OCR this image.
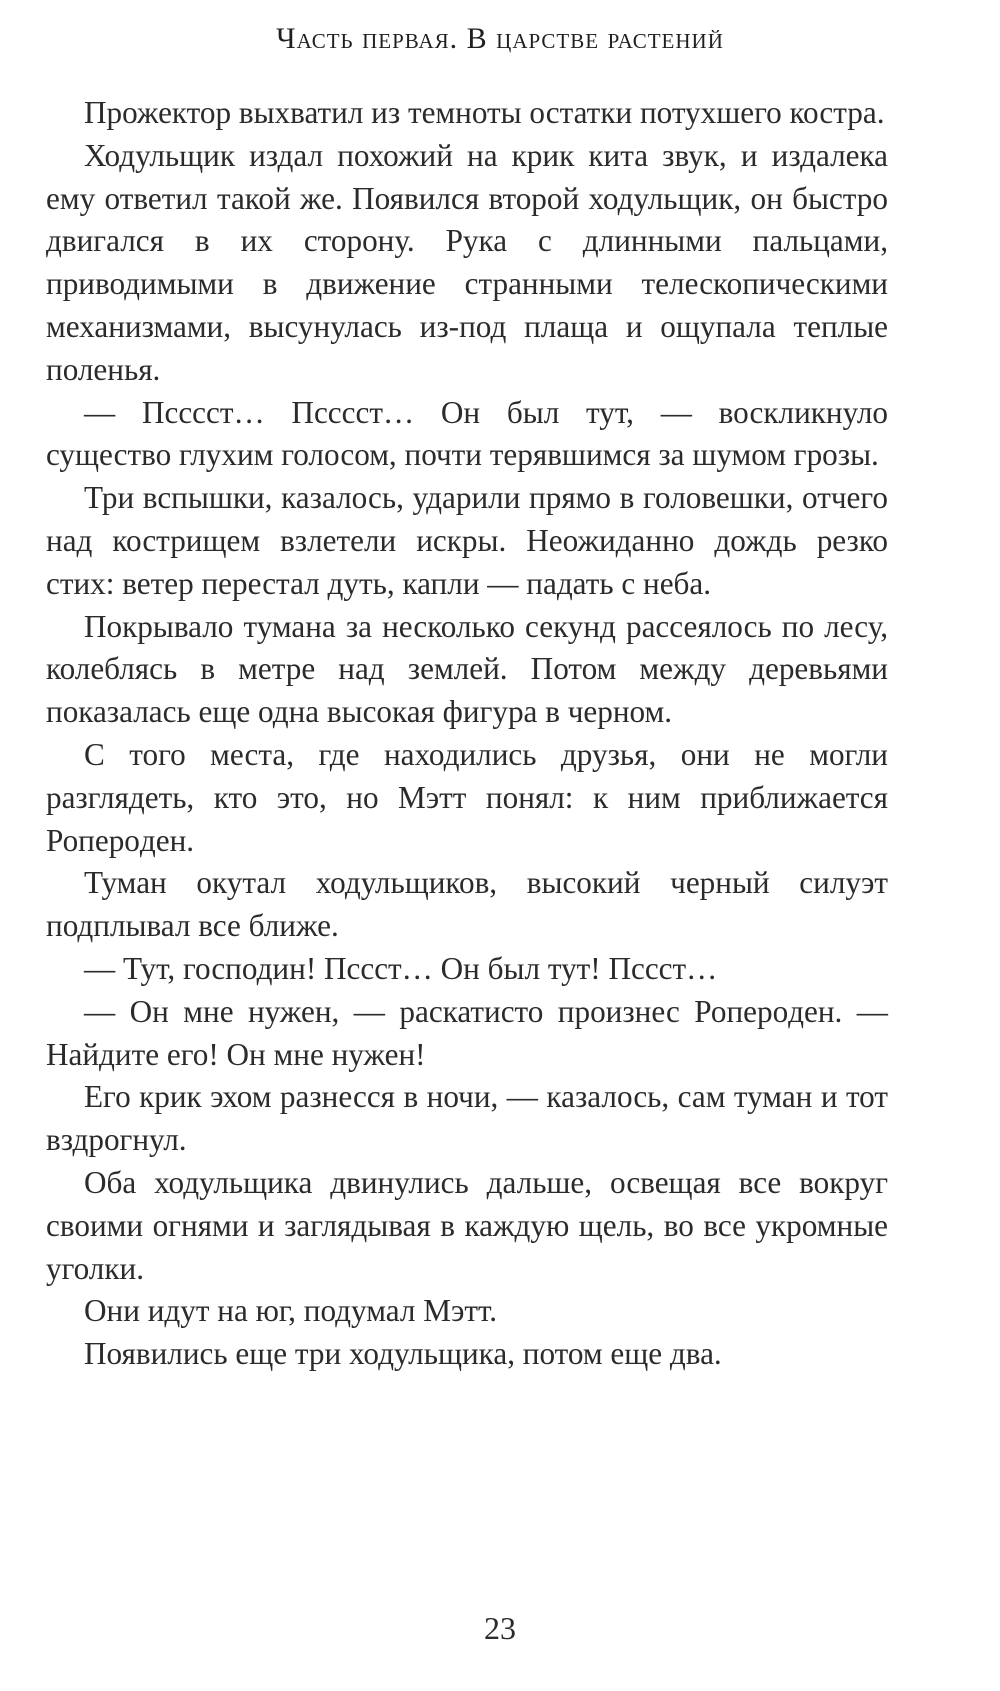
Часть первая. В царстве растений

Прожектор выхватил из темноты остатки потухшего костра.

Ходульщик издал похожий на крик кита звук, и издалека ему ответил такой же. Появился второй ходульщик, он быстро двигался в их сторону. Рука с длинными пальцами, приводимыми в движение странными телескопическими механизмами, высунулась из-под плаща и ощупала теплые поленья.

— Псссст… Псссст… Он был тут, — воскликнуло существо глухим голосом, почти терявшимся за шумом грозы.

Три вспышки, казалось, ударили прямо в головешки, отчего над кострищем взлетели искры. Неожиданно дождь резко стих: ветер перестал дуть, капли — падать с неба.

Покрывало тумана за несколько секунд рассеялось по лесу, колеблясь в метре над землей. Потом между деревьями показалась еще одна высокая фигура в черном.

С того места, где находились друзья, они не могли разглядеть, кто это, но Мэтт понял: к ним приближается Роперoден.

Туман окутал ходульщиков, высокий черный силуэт подплывал все ближе.

— Тут, господин! Пссст… Он был тут! Пссст…

— Он мне нужен, — раскатисто произнес Роперoден. — Найдите его! Он мне нужен!

Его крик эхом разнесся в ночи, — казалось, сам туман и тот вздрогнул.

Оба ходульщика двинулись дальше, освещая все вокруг своими огнями и заглядывая в каждую щель, во все укромные уголки.

Они идут на юг, подумал Мэтт.

Появились еще три ходульщика, потом еще два.

23
